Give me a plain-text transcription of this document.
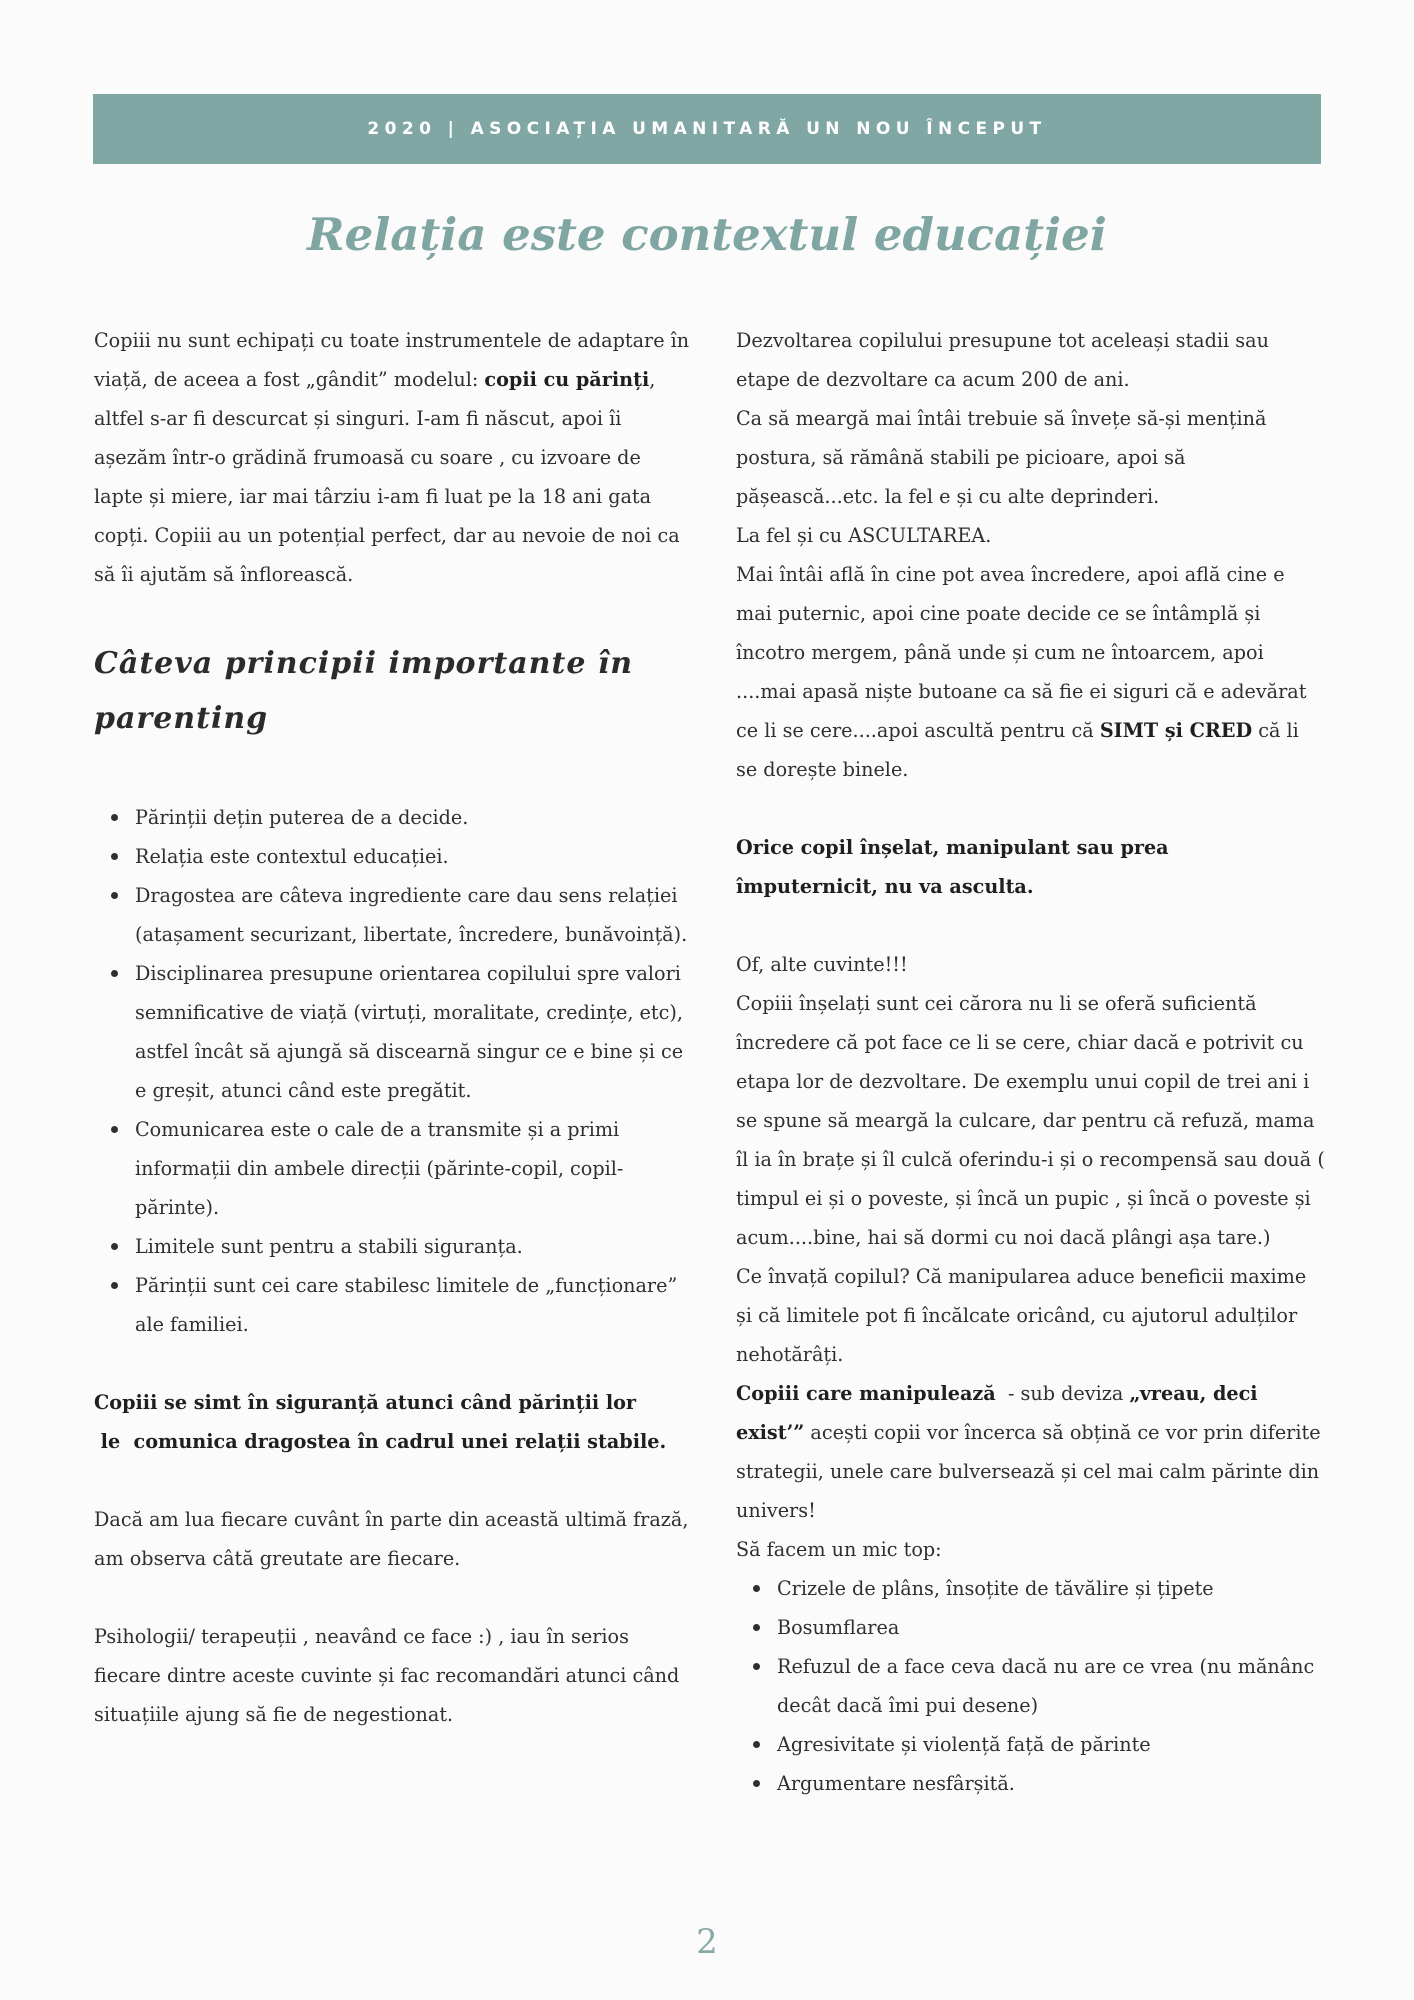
2020 | ASOCIAȚIA UMANITARĂ UN NOU ÎNCEPUT
Relația este contextul educației

Copiii nu sunt echipați cu toate instrumentele de adaptare în viață, de aceea a fost „gândit” modelul: copii cu părinți, altfel s-ar fi descurcat și singuri. I-am fi născut, apoi îi așezăm într-o grădină frumoasă cu soare , cu izvoare de lapte și miere, iar mai târziu i-am fi luat pe la 18 ani gata copți. Copiii au un potențial perfect, dar au nevoie de noi ca să îi ajutăm să înflorească.

Câteva principii importante în
parenting
Părinții dețin puterea de a decide.
Relația este contextul educației.
Dragostea are câteva ingrediente care dau sens relației (atașament securizant, libertate, încredere, bunăvoință).
Disciplinarea presupune orientarea copilului spre valori semnificative de viață (virtuți, moralitate, credințe, etc), astfel încât să ajungă să discearnă singur ce e bine și ce e greșit, atunci când este pregătit.
Comunicarea este o cale de a transmite și a primi informații din ambele direcții (părinte-copil, copil-părinte).
Limitele sunt pentru a stabili siguranța.
Părinții sunt cei care stabilesc limitele de „funcționare” ale familiei.

Copiii se simt în siguranță atunci când părinții lor
le  comunica dragostea în cadrul unei relații stabile.

Dacă am lua fiecare cuvânt în parte din această ultimă frază, am observa câtă greutate are fiecare.

Psihologii/ terapeuții , neavând ce face :) , iau în serios fiecare dintre aceste cuvinte și fac recomandări atunci când situațiile ajung să fie de negestionat.

Dezvoltarea copilului presupune tot aceleași stadii sau etape de dezvoltare ca acum 200 de ani.

Ca să meargă mai întâi trebuie să învețe să-și mențină postura, să rămână stabili pe picioare, apoi să pășească...etc. la fel e și cu alte deprinderi.

La fel și cu ASCULTAREA.

Mai întâi află în cine pot avea încredere, apoi află cine e mai puternic, apoi cine poate decide ce se întâmplă și încotro mergem, până unde și cum ne întoarcem, apoi ....mai apasă niște butoane ca să fie ei siguri că e adevărat ce li se cere....apoi ascultă pentru că SIMT și CRED că li se dorește binele.

Orice copil înșelat, manipulant sau prea
împuternicit, nu va asculta.

Of, alte cuvinte!!!

Copiii înșelați sunt cei cărora nu li se oferă suficientă încredere că pot face ce li se cere, chiar dacă e potrivit cu etapa lor de dezvoltare. De exemplu unui copil de trei ani i se spune să meargă la culcare, dar pentru că refuză, mama îl ia în brațe și îl culcă oferindu-i și o recompensă sau două ( timpul ei și o poveste, și încă un pupic , și încă o poveste și acum....bine, hai să dormi cu noi dacă plângi așa tare.)

Ce învață copilul? Că manipularea aduce beneficii maxime și că limitele pot fi încălcate oricând, cu ajutorul adulților nehotărâți.

Copiii care manipulează  - sub deviza „vreau, deci exist’” acești copii vor încerca să obțină ce vor prin diferite strategii, unele care bulversează și cel mai calm părinte din univers!

Să facem un mic top:

Crizele de plâns, însoțite de tăvălire și țipete
Bosumflarea
Refuzul de a face ceva dacă nu are ce vrea (nu mănânc decât dacă îmi pui desene)
Agresivitate și violență față de părinte
Argumentare nesfârșită.
2
